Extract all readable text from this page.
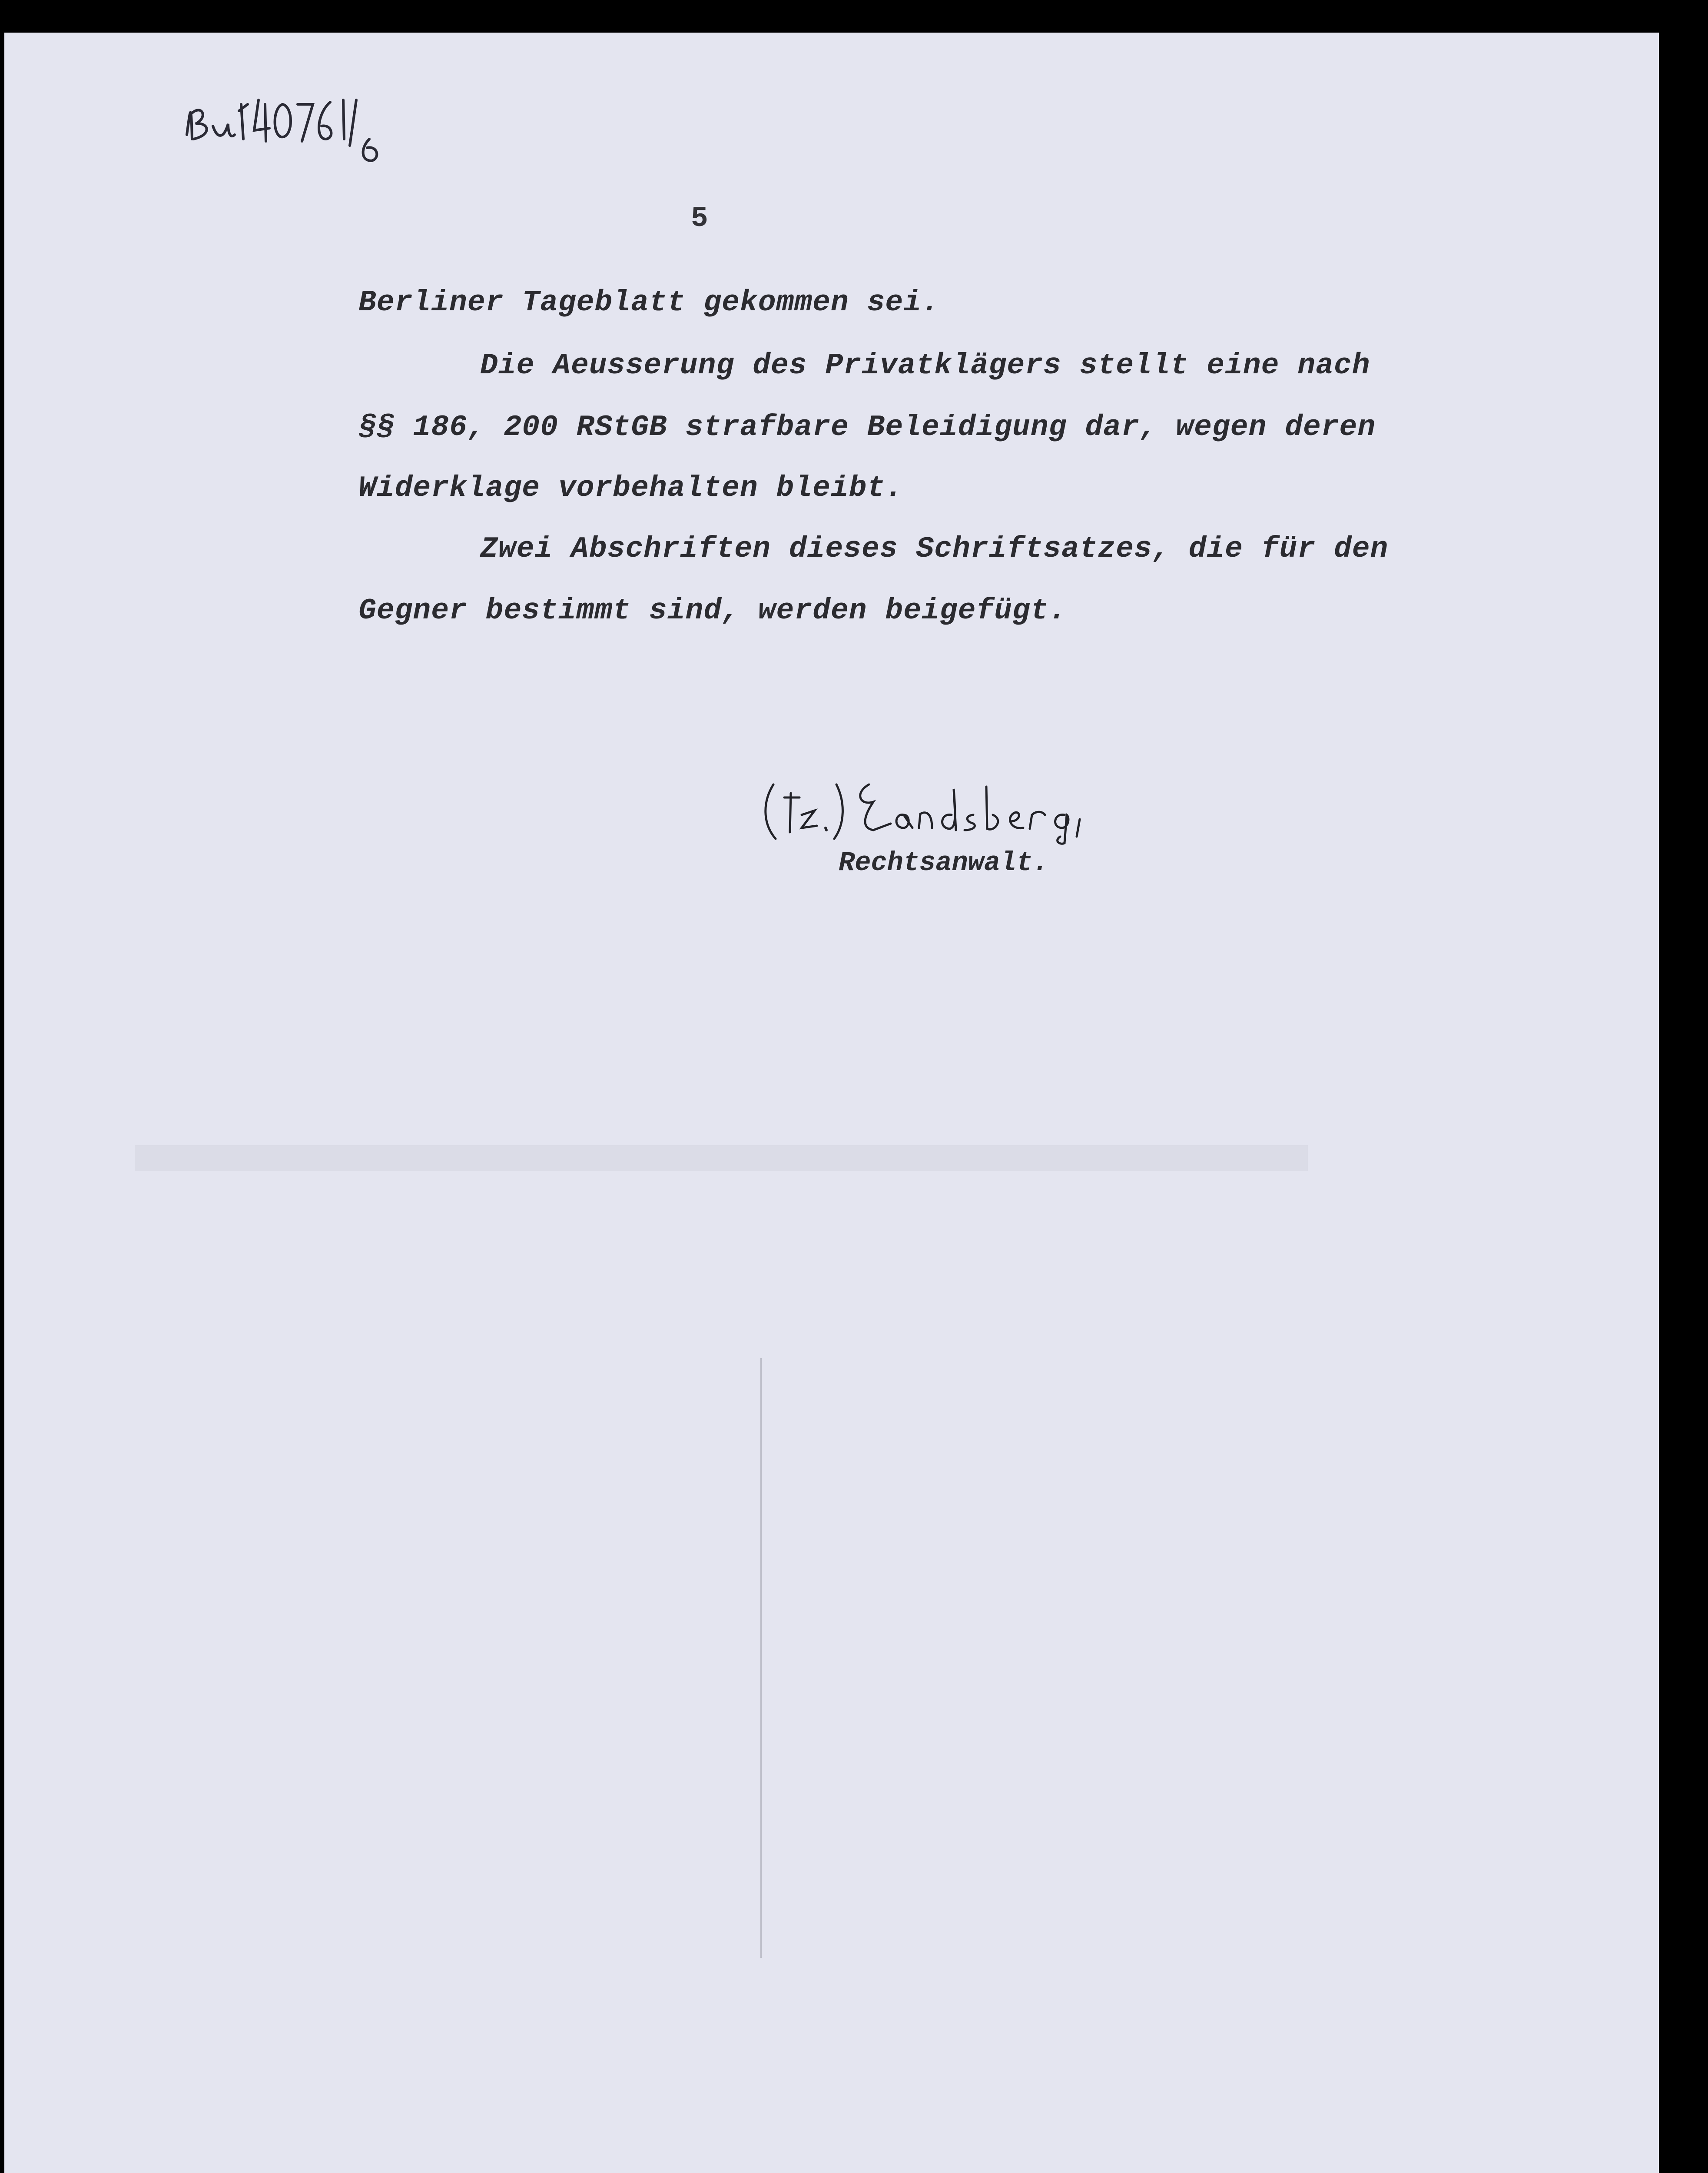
5
Berliner Tageblatt gekommen sei.
Die Aeusserung des Privatklägers stellt eine nach
§§ 186, 200 RStGB strafbare Beleidigung dar, wegen deren
Widerklage vorbehalten bleibt.
Zwei Abschriften dieses Schriftsatzes, die für den
Gegner bestimmt sind, werden beigefügt.
Rechtsanwalt.
